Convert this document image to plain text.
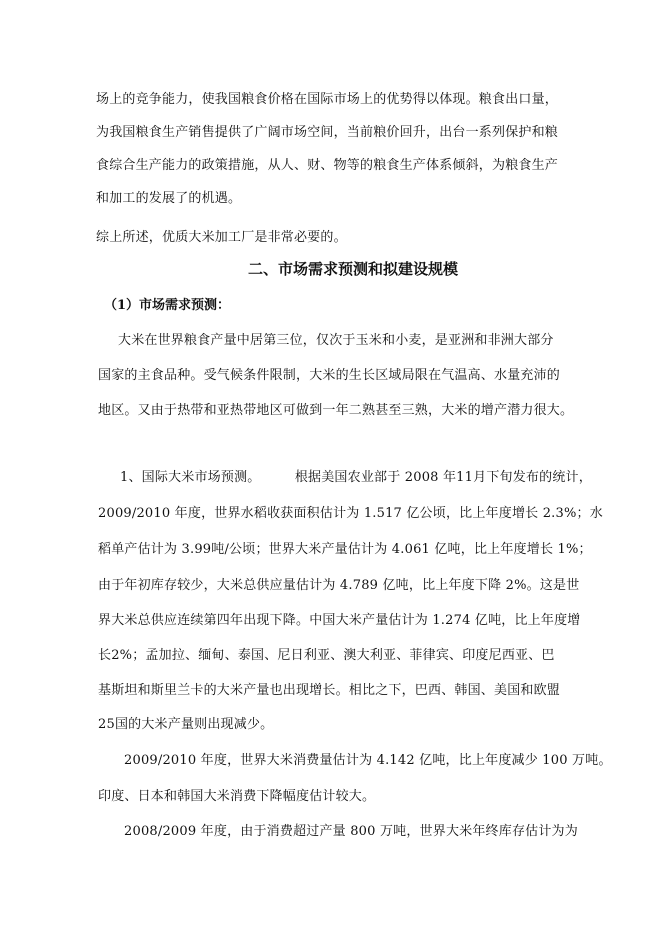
场上的竞争能力，使我国粮食价格在国际市场上的优势得以体现。粮食出口量，
为我国粮食生产销售提供了广阔市场空间，当前粮价回升，出台一系列保护和粮
食综合生产能力的政策措施，从人、财、物等的粮食生产体系倾斜，为粮食生产
和加工的发展了的机遇。
综上所述，优质大米加工厂是非常必要的。
二、市场需求预测和拟建设规模
（1）市场需求预测：
大米在世界粮食产量中居第三位，仅次于玉米和小麦，是亚洲和非洲大部分
国家的主食品种。受气候条件限制，大米的生长区域局限在气温高、水量充沛的
地区。又由于热带和亚热带地区可做到一年二熟甚至三熟，大米的增产潜力很大。
1、国际大米市场预测。	根据美国农业部于 2008 年11月下旬发布的统计，
2009/2010 年度，世界水稻收获面积估计为 1.517 亿公顷，比上年度增长 2.3%；水
稻单产估计为 3.99吨/公顷；世界大米产量估计为 4.061 亿吨，比上年度增长 1%；
由于年初库存较少，大米总供应量估计为 4.789 亿吨，比上年度下降 2%。这是世
界大米总供应连续第四年出现下降。中国大米产量估计为 1.274 亿吨，比上年度增
长2%；孟加拉、缅甸、泰国、尼日利亚、澳大利亚、菲律宾、印度尼西亚、巴
基斯坦和斯里兰卡的大米产量也出现增长。相比之下，巴西、韩国、美国和欧盟
25国的大米产量则出现减少。
2009/2010 年度，世界大米消费量估计为 4.142 亿吨，比上年度减少 100 万吨。
印度、日本和韩国大米消费下降幅度估计较大。
2008/2009 年度，由于消费超过产量 800 万吨，世界大米年终库存估计为为
